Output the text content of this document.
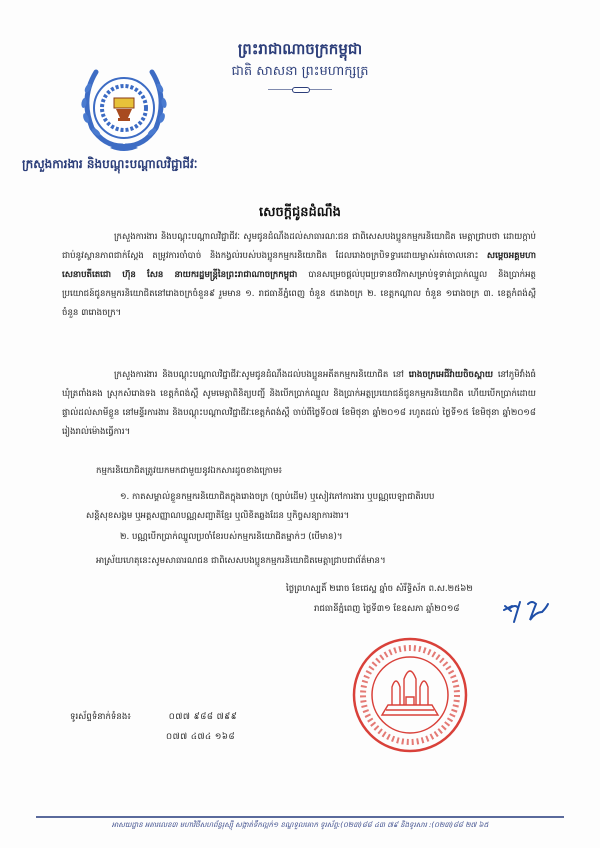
ព្រះរាជាណាចក្រកម្ពុជា
ជាតិ សាសនា ព្រះមហាក្សត្រ
ក្រសួងការងារ និងបណ្តុះបណ្តាលវិជ្ជាជីវៈ
សេចក្តីជូនដំណឹង
ក្រសួងការងារ និងបណ្តុះបណ្តាលវិជ្ជាជីវៈ សូមជូនដំណឹងដល់សាធារណៈជន ជាពិសេសបងប្អូនកម្មករនិយោជិត មេត្តាជ្រាបថា ដោយក្តាប់ជាប់នូវស្ថានភាពជាក់ស្តែង តម្រូវការចាំបាច់ និងកង្វល់របស់បងប្អូនកម្មករនិយោជិត ដែលរោងចក្របិទទ្វារដោយម្ចាស់រត់ចោលនោះ សម្តេចអគ្គមហាសេនាបតីតេជោ ហ៊ុន សែន នាយករដ្ឋមន្ត្រីនៃព្រះរាជាណាចក្រកម្ពុជា បានសម្រេចផ្តល់បុរេប្រទានថវិកាសម្រាប់ទូទាត់ប្រាក់ឈ្នួល និងប្រាក់អត្ថប្រយោជន៍ជូនកម្មករនិយោជិតនៅរោងចក្រចំនួន៩ រួមមាន ១. រាជធានីភ្នំពេញ ចំនួន ៥រោងចក្រ ២. ខេត្តកណ្តាល ចំនួន ១រោងចក្រ ៣. ខេត្តកំពង់ស្ពឺ ចំនួន ៣រោងចក្រ។
ក្រសួងការងារ និងបណ្តុះបណ្តាលវិជ្ជាជីវៈសូមជូនដំណឹងដល់បងប្អូនអតីតកម្មករនិយោជិត នៅ រោងចក្រអេជីវ៉ាយចិចស្ពាយ នៅភូមិវាំងធំ ឃុំត្រពាំងគង ស្រុកសំរោងទង ខេត្តកំពង់ស្ពឺ សូមមេត្តាពិនិត្យបញ្ជី និងបើកប្រាក់ឈ្នួល និងប្រាក់អត្ថប្រយោជន៍ជូនកម្មករនិយោជិត ហើយបើកប្រាក់ដោយផ្ទាល់ដល់សាមីខ្លួន នៅមន្ទីរការងារ និងបណ្តុះបណ្តាលវិជ្ជាជីវៈខេត្តកំពង់ស្ពឺ ចាប់ពីថ្ងៃទី០៧ ខែមិថុនា ឆ្នាំ២០១៨ រហូតដល់ ថ្ងៃទី១៥ ខែមិថុនា ឆ្នាំ២០១៨ រៀងរាល់ម៉ោងធ្វើការ។
កម្មករនិយោជិតត្រូវយកមកជាមួយនូវឯកសារដូចខាងក្រោម៖
១. កាតសម្គាល់ខ្លួនកម្មករនិយោជិតក្នុងរោងចក្រ (ច្បាប់ដើម) ឬសៀវភៅការងារ ឬបណ្ណបេឡាជាតិរបប
សន្តិសុខសង្គម ឬអត្តសញ្ញាណបណ្ណសញ្ជាតិខ្មែរ ឬលិខិតឆ្លងដែន ឬកិច្ចសន្យាការងារ។
២. បណ្ណបើកប្រាក់ឈ្នួលប្រចាំខែរបស់កម្មករនិយោជិតម្នាក់ៗ (បើមាន)។
អាស្រ័យហេតុនេះសូមសាធារណជន ជាពិសេសបងប្អូនកម្មករនិយោជិតមេត្តាជ្រាបជាព័ត៌មាន។
ថ្ងៃព្រហស្បតិ៍ ២រោច ខែជេស្ឋ ឆ្នាំច សំរឹទ្ធិស័ក ព.ស.២៥៦២
រាជធានីភ្នំពេញ ថ្ងៃទី៣១ ខែឧសភា ឆ្នាំ២០១៨
ទូរស័ព្ទទំនាក់ទំនង៖	០៧៧ ៩៨៨ ៧៩៩
០៧៧ ៤៧៤ ១៦៨
អាសយដ្ឋាន អគារលេខ៣ មហាវិថីសហព័ន្ធរុស្ស៊ី សង្កាត់ទឹកល្អក់១ ខណ្ឌទួលគោក ទូរស័ព្ទ:(០២៣)៨៨ ៤៣ ៧៩ និងទូរសារ :(០២៣)៨៨ ២៧ ៦៥
